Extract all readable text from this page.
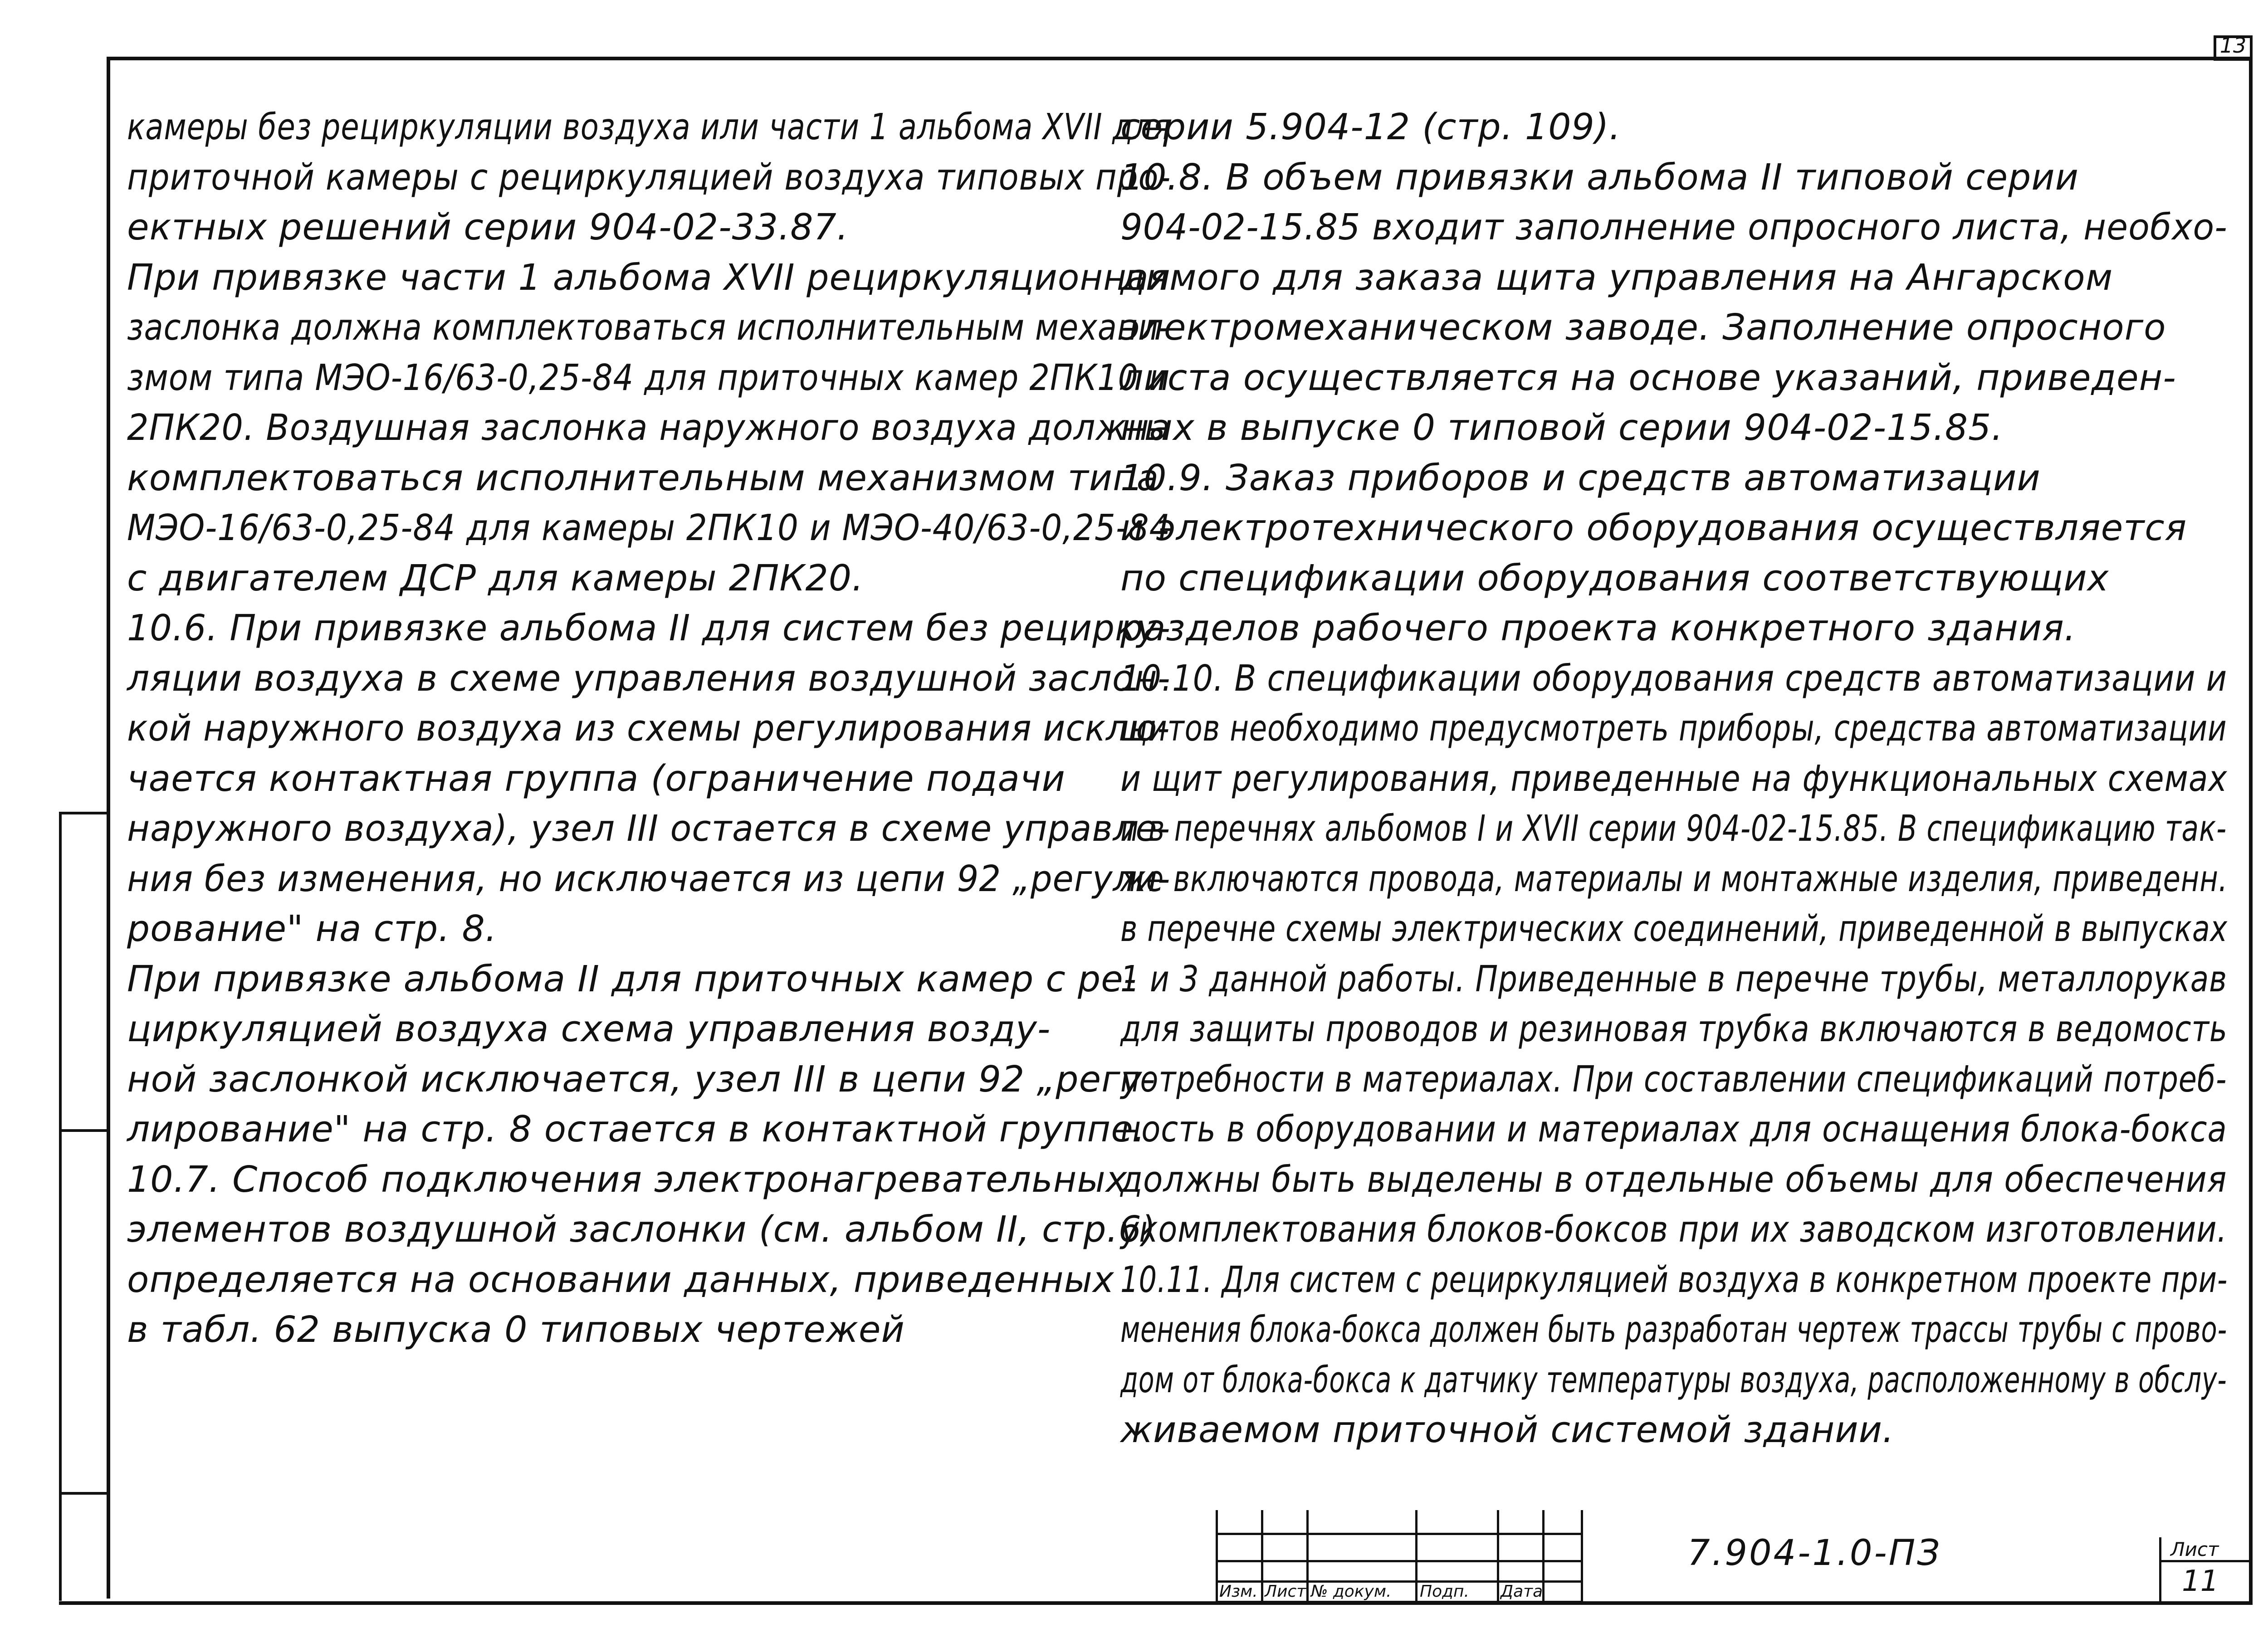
13
камеры без рециркуляции воздуха или части 1 альбома XVII для
приточной камеры с рециркуляцией воздуха типовых про-
ектных решений серии 904-02-33.87.
При привязке части 1 альбома XVII рециркуляционная
заслонка должна комплектоваться исполнительным механи-
змом типа МЭО-16/63-0,25-84 для приточных камер 2ПК10 и
2ПК20. Воздушная заслонка наружного воздуха должна
комплектоваться исполнительным механизмом типа
МЭО-16/63-0,25-84 для камеры 2ПК10 и МЭО-40/63-0,25-84
с двигателем ДСР для камеры 2ПК20.
10.6. При привязке альбома II для систем без рецирку-
ляции воздуха в схеме управления воздушной заслон-
кой наружного воздуха из схемы регулирования исклю-
чается контактная группа (ограничение подачи
наружного воздуха), узел III остается в схеме управле-
ния без изменения, но исключается из цепи 92 „регули-
рование" на стр. 8.
При привязке альбома II для приточных камер с ре-
циркуляцией воздуха схема управления возду-
ной заслонкой исключается, узел III в цепи 92 „регу-
лирование" на стр. 8 остается в контактной группе.
10.7. Способ подключения электронагревательных
элементов воздушной заслонки (см. альбом II, стр.6)
определяется на основании данных, приведенных
в табл. 62 выпуска 0 типовых чертежей
серии 5.904-12 (стр. 109).
10.8. В объем привязки альбома II типовой серии
904-02-15.85 входит заполнение опросного листа, необхо-
димого для заказа щита управления на Ангарском
электромеханическом заводе. Заполнение опросного
листа осуществляется на основе указаний, приведен-
ных в выпуске 0 типовой серии 904-02-15.85.
10.9. Заказ приборов и средств автоматизации
и электротехнического оборудования осуществляется
по спецификации оборудования соответствующих
разделов рабочего проекта конкретного здания.
10.10. В спецификации оборудования средств автоматизации и
щитов необходимо предусмотреть приборы, средства автоматизации
и щит регулирования, приведенные на функциональных схемах
и в перечнях альбомов I и XVII серии 904-02-15.85. В спецификацию так-
же включаются провода, материалы и монтажные изделия, приведенн.
в перечне схемы электрических соединений, приведенной в выпусках
1 и 3 данной работы. Приведенные в перечне трубы, металлорукав
для защиты проводов и резиновая трубка включаются в ведомость
потребности в материалах. При составлении спецификаций потреб-
ность в оборудовании и материалах для оснащения блока-бокса
должны быть выделены в отдельные объемы для обеспечения
укомплектования блоков-боксов при их заводском изготовлении.
10.11. Для систем с рециркуляцией воздуха в конкретном проекте при-
менения блока-бокса должен быть разработан чертеж трассы трубы с прово-
дом от блока-бокса к датчику температуры воздуха, расположенному в обслу-
живаемом приточной системой здании.
Изм. Лист № докум. Подп. Дата
7.904-1.0-ПЗ	Лист
11
